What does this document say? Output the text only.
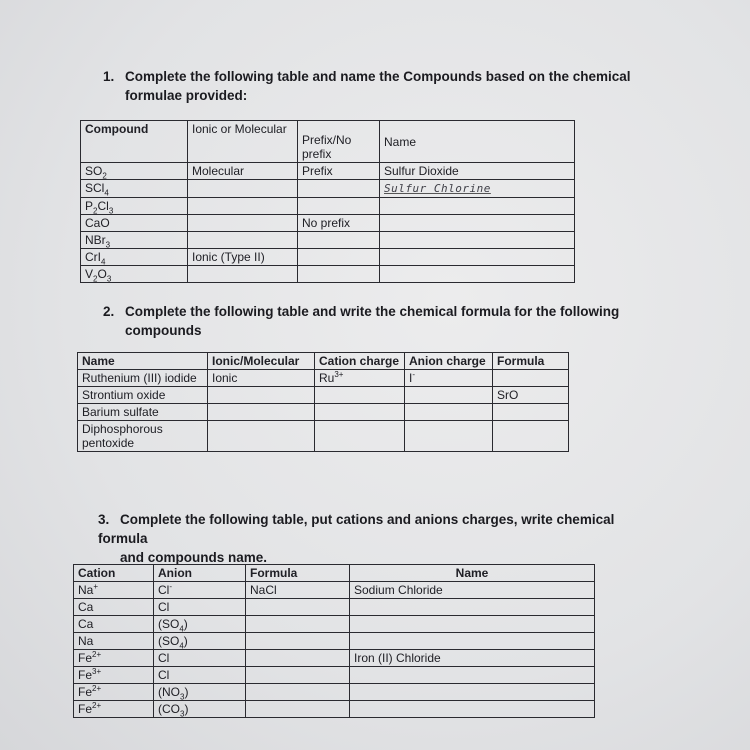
1. Complete the following table and name the Compounds based on the chemical
formulae provided:
Compound	Ionic or Molecular	Prefix/No prefix	Name
$SO_2$	Molecular	Prefix	Sulfur Dioxide
SCl$_4$			Sulfur Chlorine
$P_2Cl_3$			
CaO		No prefix	
NBr$_3$			
CrI$_4$	Ionic (Type II)		
$V_2O_3$			
2. Complete the following table and write the chemical formula for the following
compounds
Name	Ionic/Molecular	Cation charge	Anion charge	Formula
Ruthenium (III) iodide	Ionic	$Ru^{3+}$	I-	
Strontium oxide				SrO
Barium sulfate				
Diphosphorous pentoxide				
3. Complete the following table, put cations and anions charges, write chemical formula
and compounds name.
Cation	Anion	Formula	Name
Na+	Cl-	NaCl	Sodium Chloride
Ca	Cl		
Ca	$(SO_4)$		
Na	$(SO_4)$		
$Fe^{2+}$	Cl		Iron (II) Chloride
$Fe^{3+}$	Cl		
$Fe^{2+}$	$(NO_3)$		
$Fe^{2+}$	$(CO_3)$		
